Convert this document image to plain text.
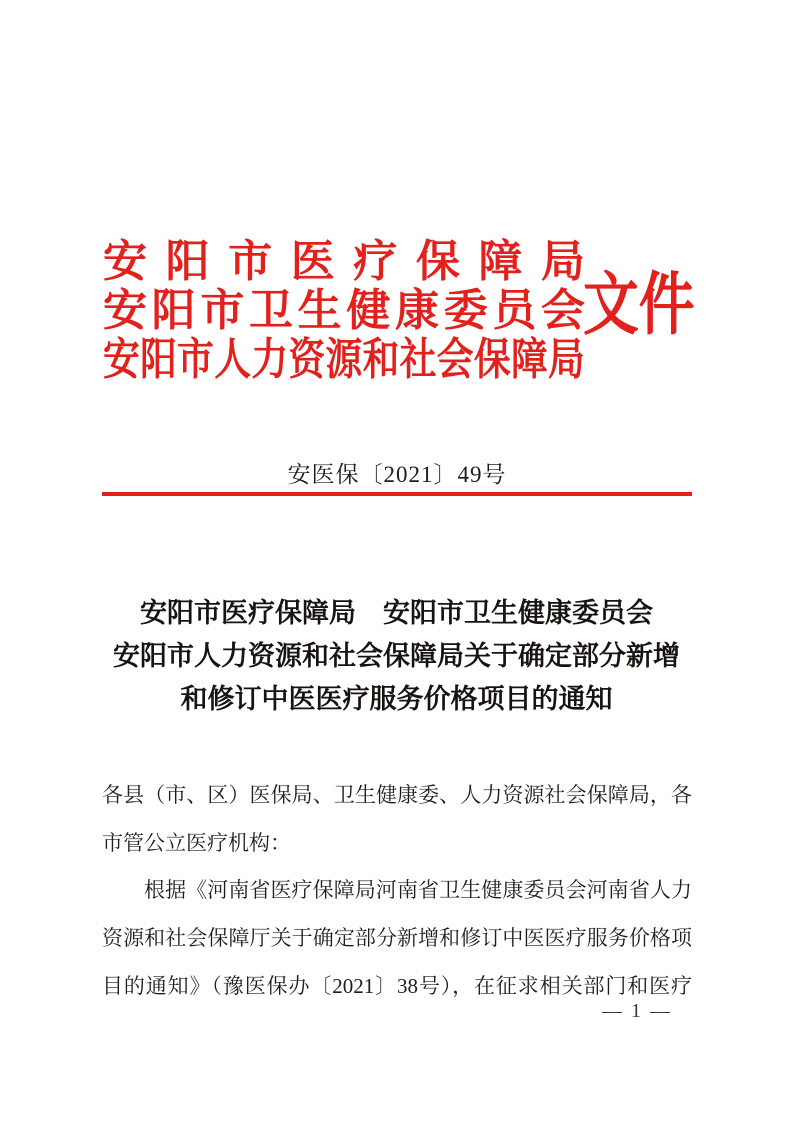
安阳市医疗保障局
安阳市卫生健康委员会
安阳市人力资源和社会保障局
文件
安医保〔2021〕49号
安阳市医疗保障局　安阳市卫生健康委员会
安阳市人力资源和社会保障局关于确定部分新增
和修订中医医疗服务价格项目的通知
各县（市、区）医保局、卫生健康委、人力资源社会保障局，各
市管公立医疗机构：
根据《河南省医疗保障局河南省卫生健康委员会河南省人力
资源和社会保障厅关于确定部分新增和修订中医医疗服务价格项
目的通知》（豫医保办〔2021〕38号），在征求相关部门和医疗
— 1 —
